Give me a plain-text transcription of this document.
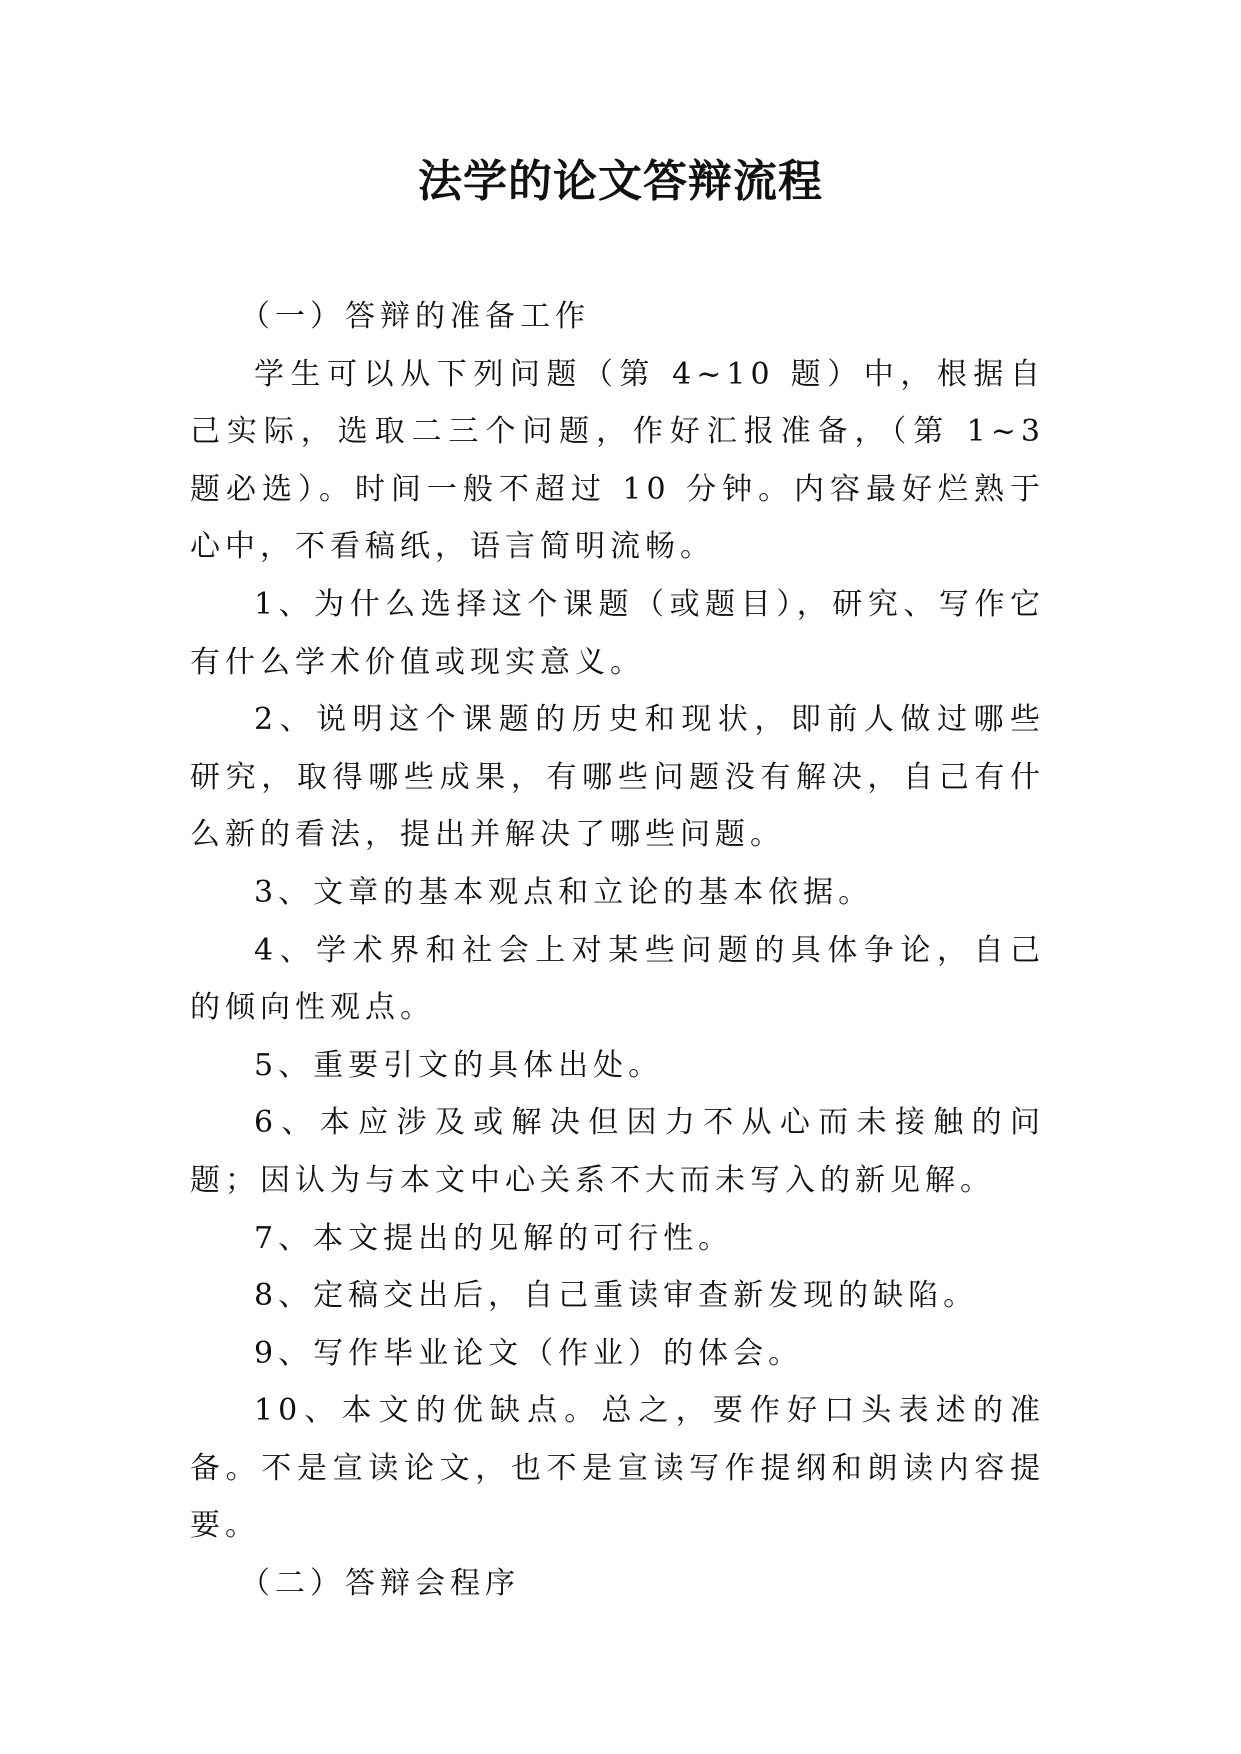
法学的论文答辩流程

（一）答辩的准备工作

学生可以从下列问题（第 4~10 题）中，根据自己实际，选取二三个问题，作好汇报准备，（第 1~3 题必选）。时间一般不超过 10 分钟。内容最好烂熟于心中，不看稿纸，语言简明流畅。

1、为什么选择这个课题（或题目），研究、写作它有什么学术价值或现实意义。

2、说明这个课题的历史和现状，即前人做过哪些研究，取得哪些成果，有哪些问题没有解决，自己有什么新的看法，提出并解决了哪些问题。

3、文章的基本观点和立论的基本依据。

4、学术界和社会上对某些问题的具体争论，自己的倾向性观点。

5、重要引文的具体出处。

6、本应涉及或解决但因力不从心而未接触的问题；因认为与本文中心关系不大而未写入的新见解。

7、本文提出的见解的可行性。

8、定稿交出后，自己重读审查新发现的缺陷。

9、写作毕业论文（作业）的体会。

10、本文的优缺点。总之，要作好口头表述的准备。不是宣读论文，也不是宣读写作提纲和朗读内容提要。

（二）答辩会程序
